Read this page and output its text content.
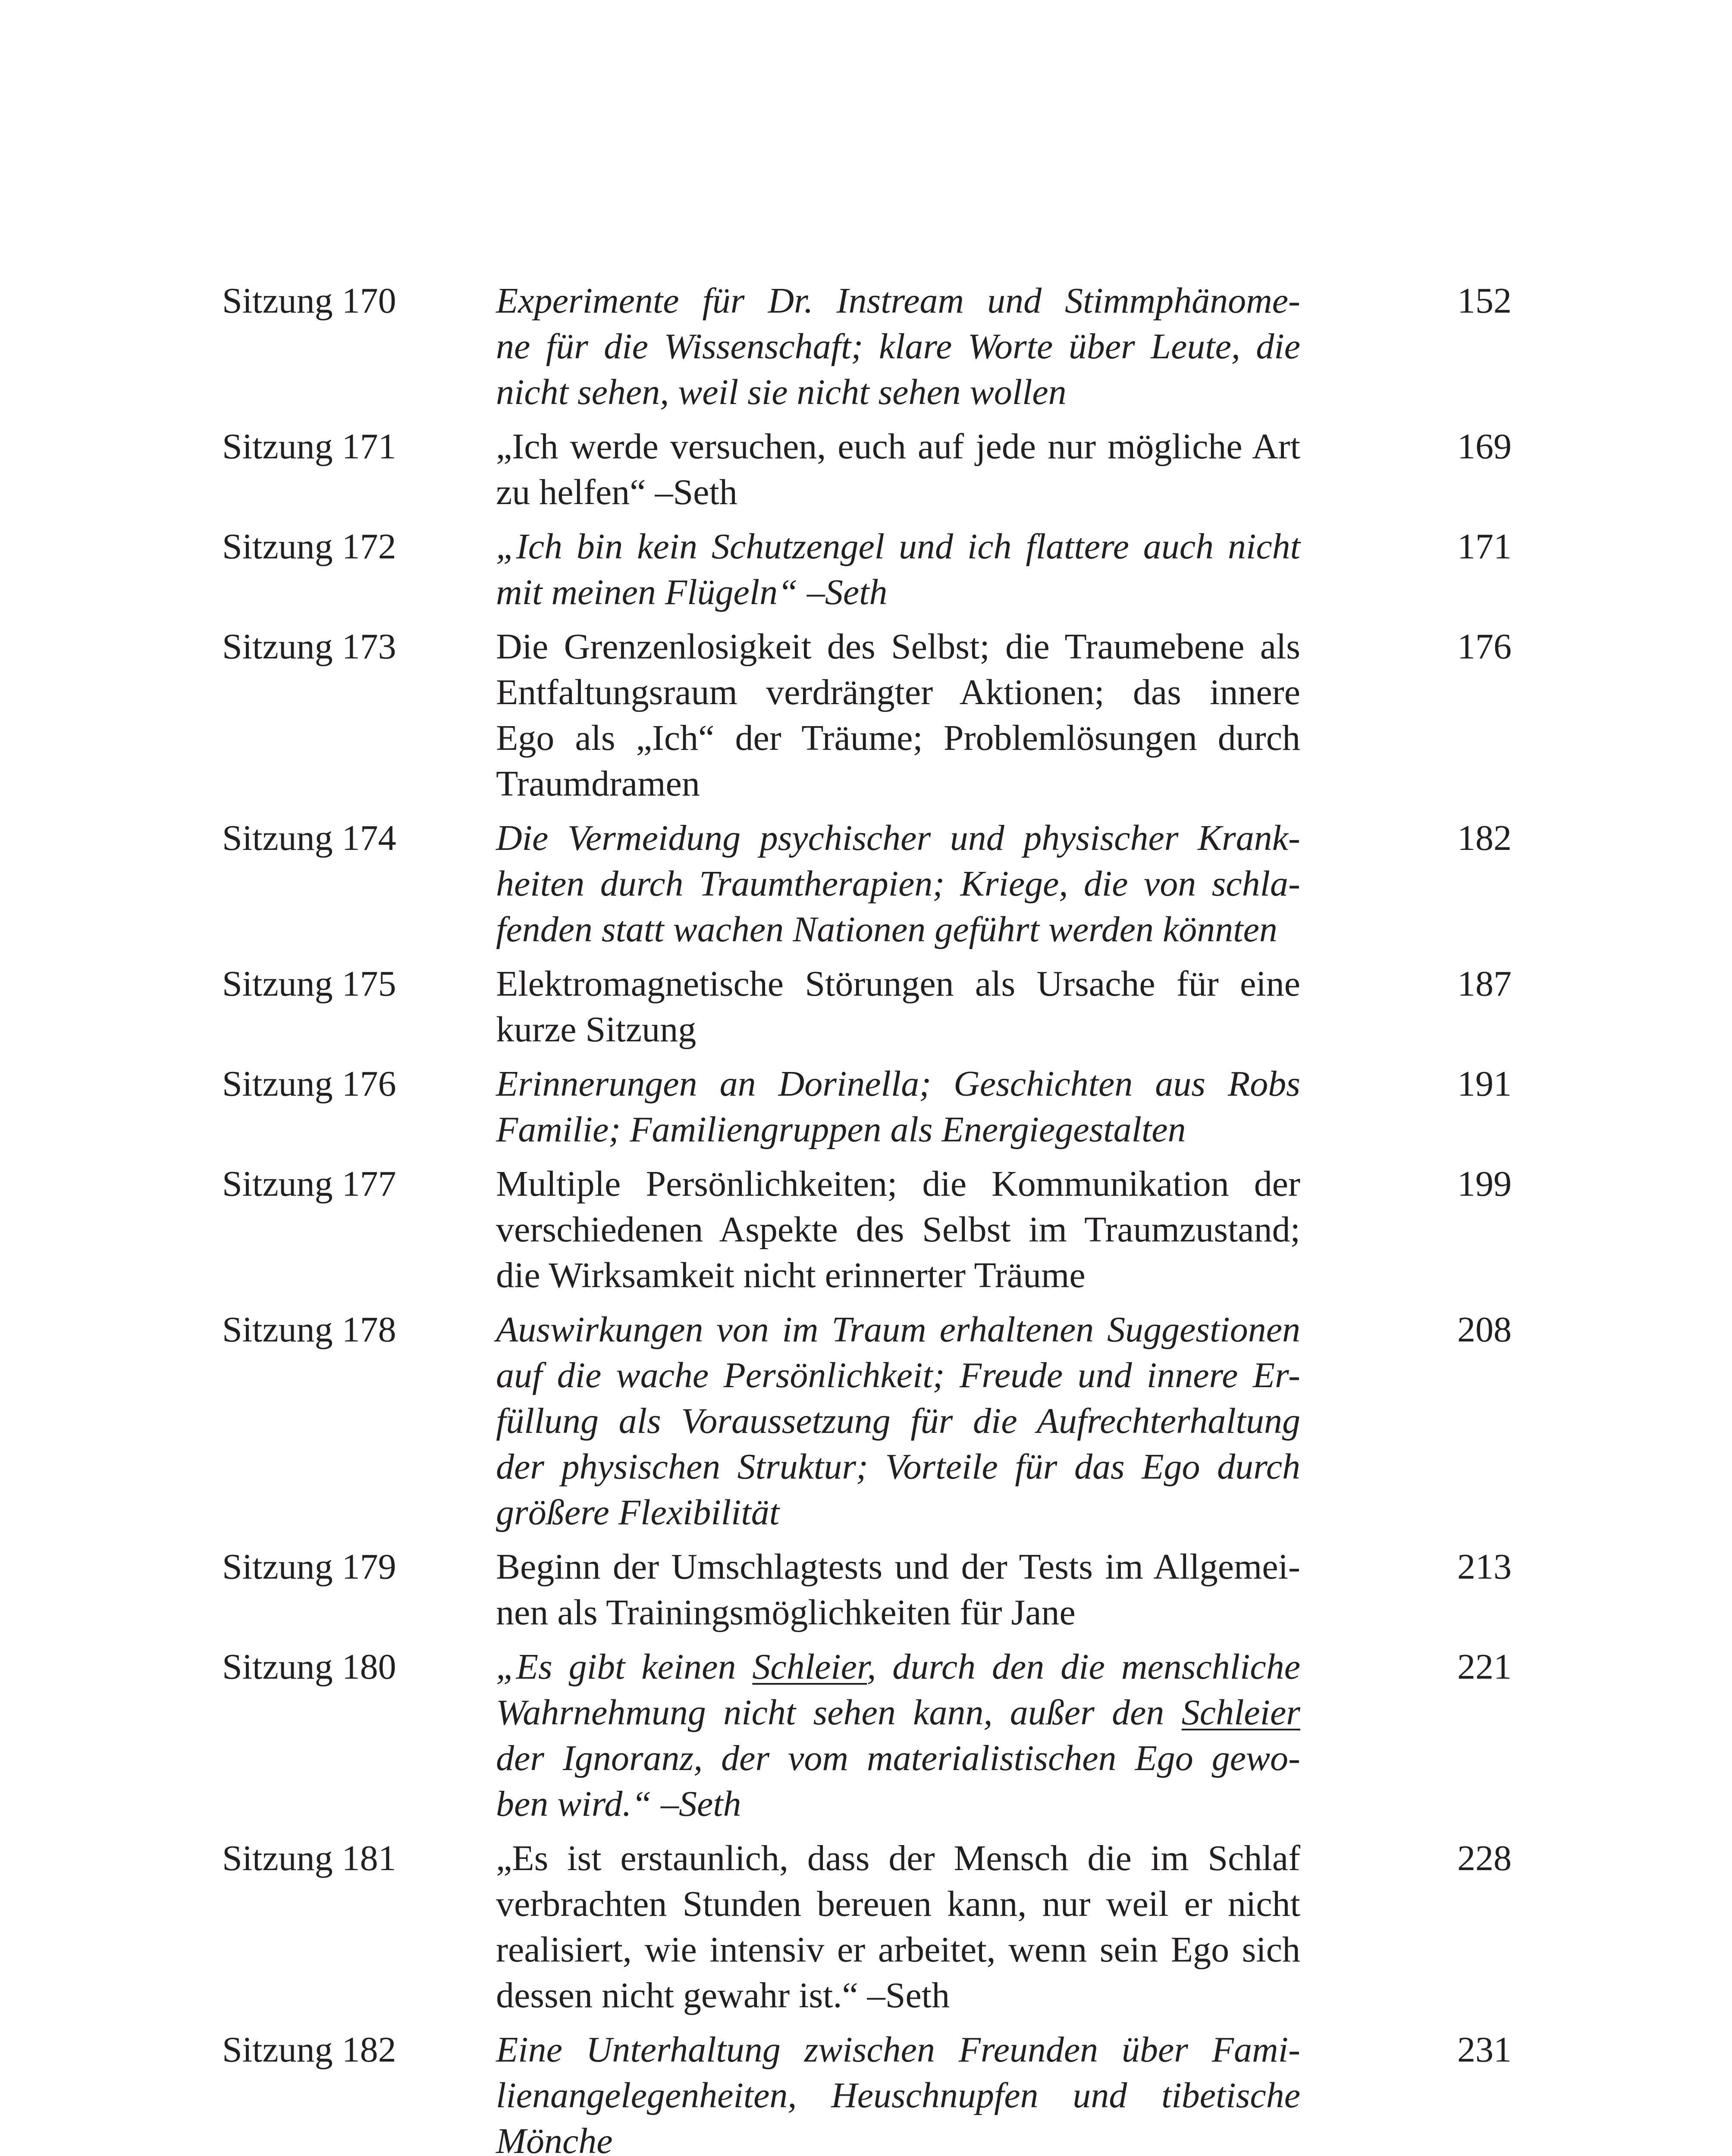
Sitzung 170	Experimente für Dr. Instream und Stimmphänome-
ne für die Wissenschaft; klare Worte über Leute, die
nicht sehen, weil sie nicht sehen wollen
152
Sitzung 171	„Ich werde versuchen, euch auf jede nur mögliche Art
zu helfen“ –Seth
169
Sitzung 172	„Ich bin kein Schutzengel und ich flattere auch nicht
mit meinen Flügeln“ –Seth
171
Sitzung 173	Die Grenzenlosigkeit des Selbst; die Traumebene als
Entfaltungsraum verdrängter Aktionen; das innere
Ego als „Ich“ der Träume; Problemlösungen durch
Traumdramen
176
Sitzung 174	Die Vermeidung psychischer und physischer Krank-
heiten durch Traumtherapien; Kriege, die von schla-
fenden statt wachen Nationen geführt werden könnten
182
Sitzung 175	Elektromagnetische Störungen als Ursache für eine
kurze Sitzung
187
Sitzung 176	Erinnerungen an Dorinella; Geschichten aus Robs
Familie; Familiengruppen als Energiegestalten
191
Sitzung 177	Multiple Persönlichkeiten; die Kommunikation der
verschiedenen Aspekte des Selbst im Traumzustand;
die Wirksamkeit nicht erinnerter Träume
199
Sitzung 178	Auswirkungen von im Traum erhaltenen Suggestionen
auf die wache Persönlichkeit; Freude und innere Er-
füllung als Voraussetzung für die Aufrechterhaltung
der physischen Struktur; Vorteile für das Ego durch
größere Flexibilität
208
Sitzung 179	Beginn der Umschlagtests und der Tests im Allgemei-
nen als Trainingsmöglichkeiten für Jane
213
Sitzung 180	„Es gibt keinen Schleier, durch den die menschliche
Wahrnehmung nicht sehen kann, außer den Schleier
der Ignoranz, der vom materialistischen Ego gewo-
ben wird.“ –Seth
221
Sitzung 181	„Es ist erstaunlich, dass der Mensch die im Schlaf
verbrachten Stunden bereuen kann, nur weil er nicht
realisiert, wie intensiv er arbeitet, wenn sein Ego sich
dessen nicht gewahr ist.“ –Seth
228
Sitzung 182	Eine Unterhaltung zwischen Freunden über Fami-
lienangelegenheiten, Heuschnupfen und tibetische
Mönche
231
